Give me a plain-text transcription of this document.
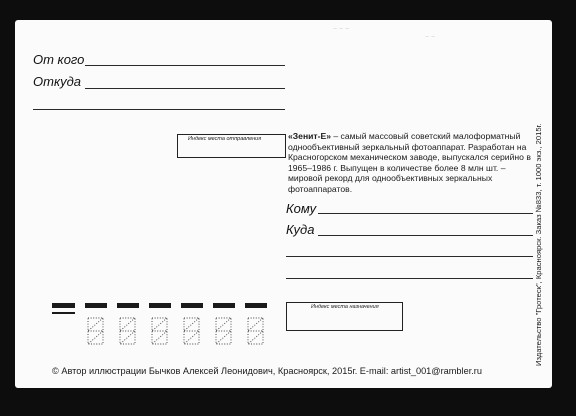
~ ~ ~
~ ~
От кого
Откуда
Индекс места отправления	«Зенит-Е» – самый массовый советский малоформатный однообъективный зеркальный фотоаппарат. Разработан на Красногорском механическом заводе, выпускался серийно в 1965–1986 г. Выпущен в количестве более 8 млн шт. – мировой рекорд для однообъективных зеркальных фотоаппаратов.
Кому
Куда
Индекс места назначения
© Автор иллюстрации Бычков Алексей Леонидович, Красноярск, 2015г. E-mail: artist_001@rambler.ru
Издательство "Гротеск", Красноярск. Заказ №833, т. 1000 экз., 2015г.
